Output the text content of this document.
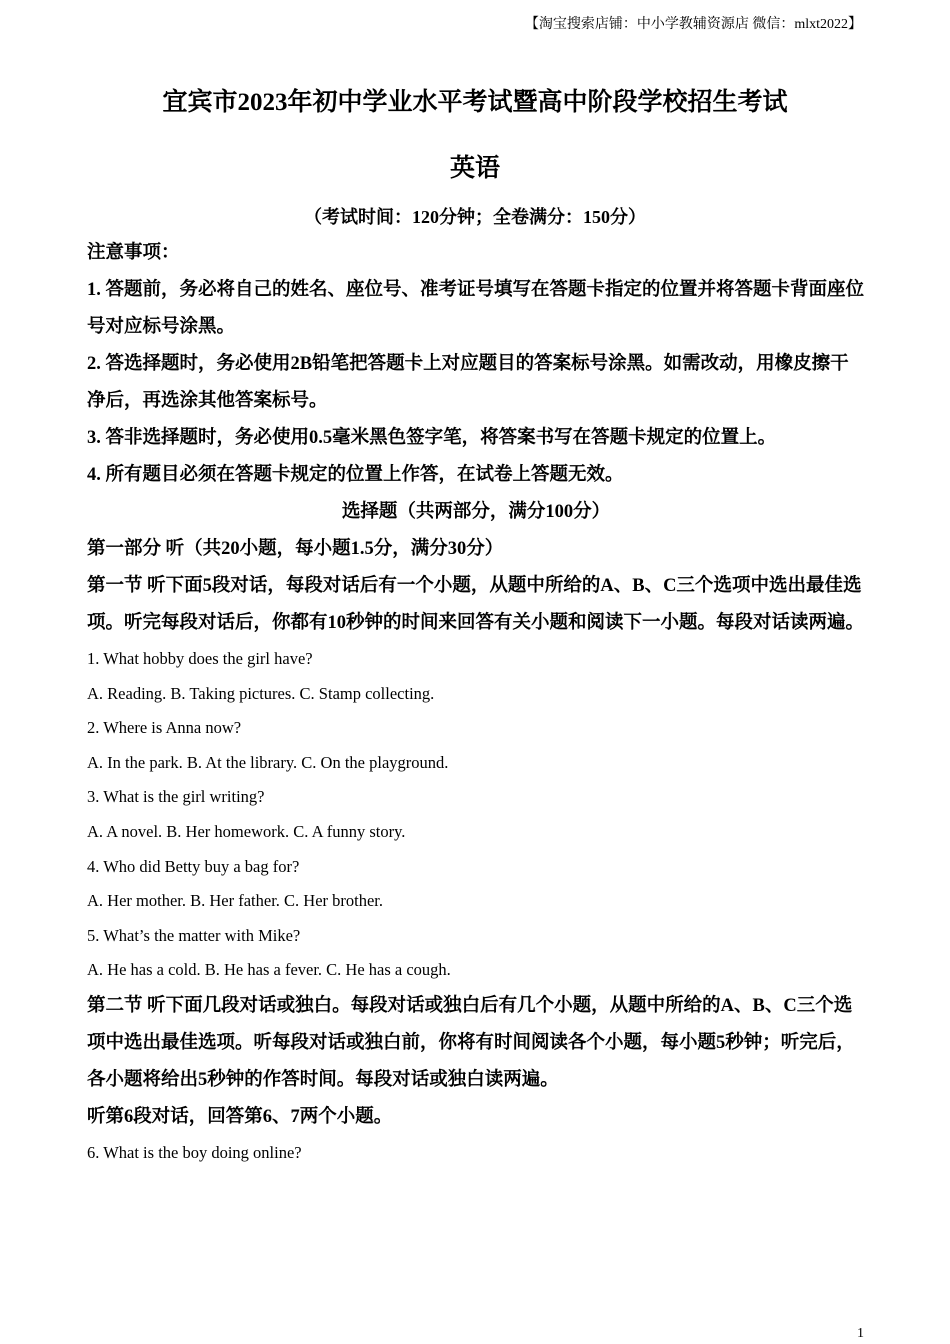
【淘宝搜索店铺：中小学教辅资源店 微信：mlxt2022】
宜宾市2023年初中学业水平考试暨高中阶段学校招生考试
英语
（考试时间：120分钟；全卷满分：150分）
注意事项：
1. 答题前，务必将自己的姓名、座位号、准考证号填写在答题卡指定的位置并将答题卡背面座位号对应标号涂黑。
2. 答选择题时，务必使用2B铅笔把答题卡上对应题目的答案标号涂黑。如需改动，用橡皮擦干净后，再选涂其他答案标号。
3. 答非选择题时，务必使用0.5毫米黑色签字笔，将答案书写在答题卡规定的位置上。
4. 所有题目必须在答题卡规定的位置上作答，在试卷上答题无效。
选择题（共两部分，满分100分）
第一部分 听（共20小题，每小题1.5分，满分30分）
第一节 听下面5段对话，每段对话后有一个小题，从题中所给的A、B、C三个选项中选出最佳选项。听完每段对话后，你都有10秒钟的时间来回答有关小题和阅读下一小题。每段对话读两遍。
1. What hobby does the girl have?
A. Reading. B. Taking pictures. C. Stamp collecting.
2. Where is Anna now?
A. In the park. B. At the library. C. On the playground.
3. What is the girl writing?
A. A novel. B. Her homework. C. A funny story.
4. Who did Betty buy a bag for?
A. Her mother. B. Her father. C. Her brother.
5. What’s the matter with Mike?
A. He has a cold. B. He has a fever. C. He has a cough.
第二节 听下面几段对话或独白。每段对话或独白后有几个小题，从题中所给的A、B、C三个选项中选出最佳选项。听每段对话或独白前，你将有时间阅读各个小题，每小题5秒钟；听完后，各小题将给出5秒钟的作答时间。每段对话或独白读两遍。
听第6段对话，回答第6、7两个小题。
6. What is the boy doing online?
1
